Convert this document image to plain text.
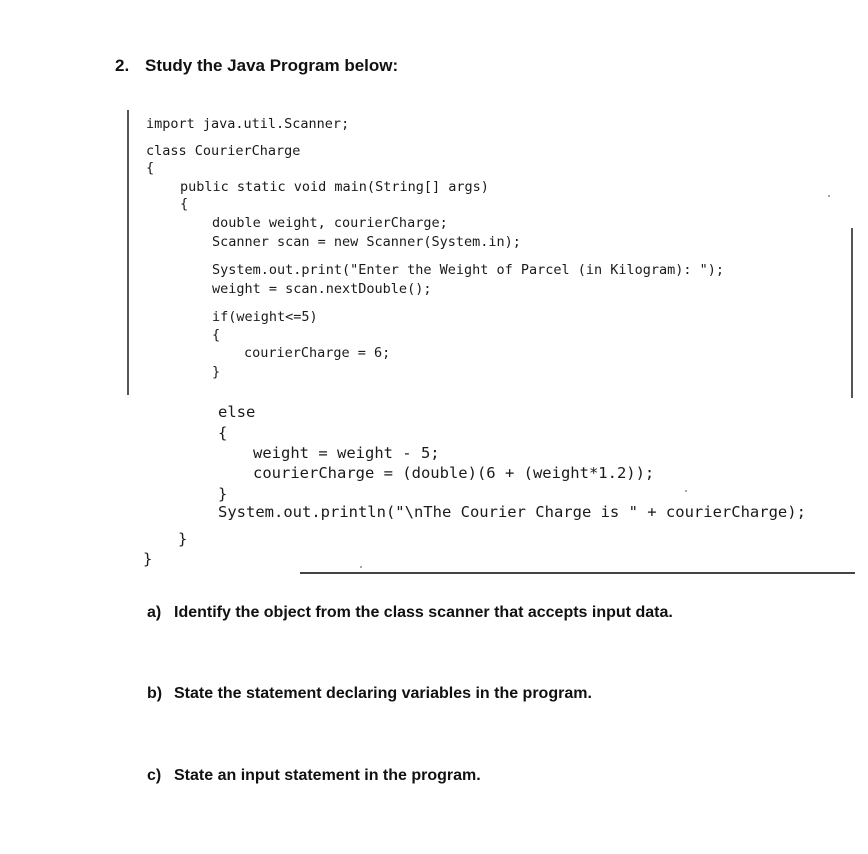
2. Study the Java Program below:
import java.util.Scanner;
class CourierCharge
{
public static void main(String[] args)
{
double weight, courierCharge;
Scanner scan = new Scanner(System.in);
System.out.print("Enter the Weight of Parcel (in Kilogram): ");
weight = scan.nextDouble();
if(weight<=5)
{
courierCharge = 6;
}
else
{
weight = weight - 5;
courierCharge = (double)(6 + (weight*1.2));
}
System.out.println("\nThe Courier Charge is " + courierCharge);
}
}
a) Identify the object from the class scanner that accepts input data.
b) State the statement declaring variables in the program.
c) State an input statement in the program.
